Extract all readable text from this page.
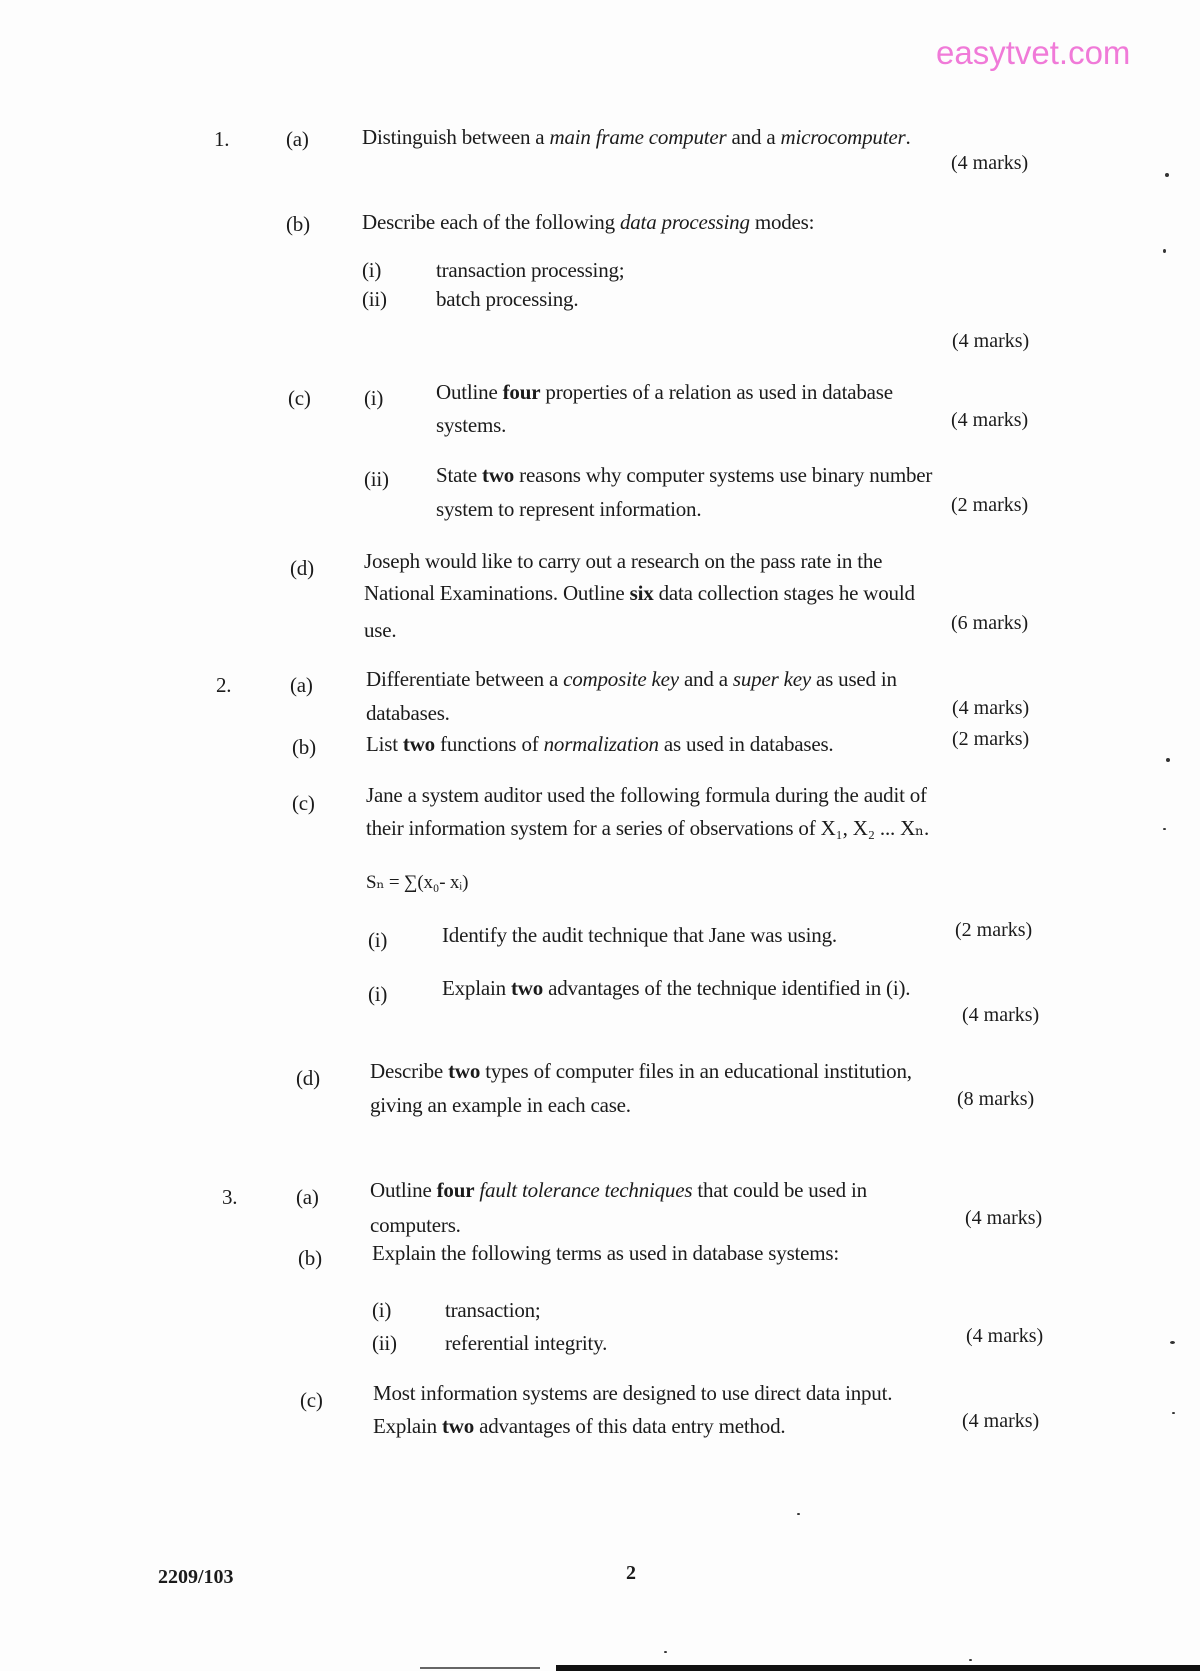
easytvet.com
1.	(a)	Distinguish between a main frame computer and a microcomputer.
(4 marks)
(b) Describe each of the following data processing modes:
(i)	transaction processing;
(ii) batch processing.
(4 marks)
(c)	(i)	Outline four properties of a relation as used in database
systems.	(4 marks)
(ii) State two reasons why computer systems use binary number
system to represent information.	(2 marks)
(d) Joseph would like to carry out a research on the pass rate in the
National Examinations. Outline six data collection stages he would
use.	(6 marks)
2.	(a)	Differentiate between a composite key and a super key as used in
databases.	(4 marks)
(b) List two functions of normalization as used in databases.	(2 marks)
(c) Jane a system auditor used the following formula during the audit of
their information system for a series of observations of X₁, X₂ ... Xₙ.
Sₙ = ∑(x₀- xᵢ)
(i)	Identify the audit technique that Jane was using.	(2 marks)
(i)	Explain two advantages of the technique identified in (i).
(4 marks)
(d) Describe two types of computer files in an educational institution,
giving an example in each case.	(8 marks)
3.	(a) Outline four fault tolerance techniques that could be used in
computers.	(4 marks)
(b) Explain the following terms as used in database systems:
(i)	transaction;
(ii) referential integrity.	(4 marks)
(c) Most information systems are designed to use direct data input.
Explain two advantages of this data entry method.	(4 marks)
2209/103	2
